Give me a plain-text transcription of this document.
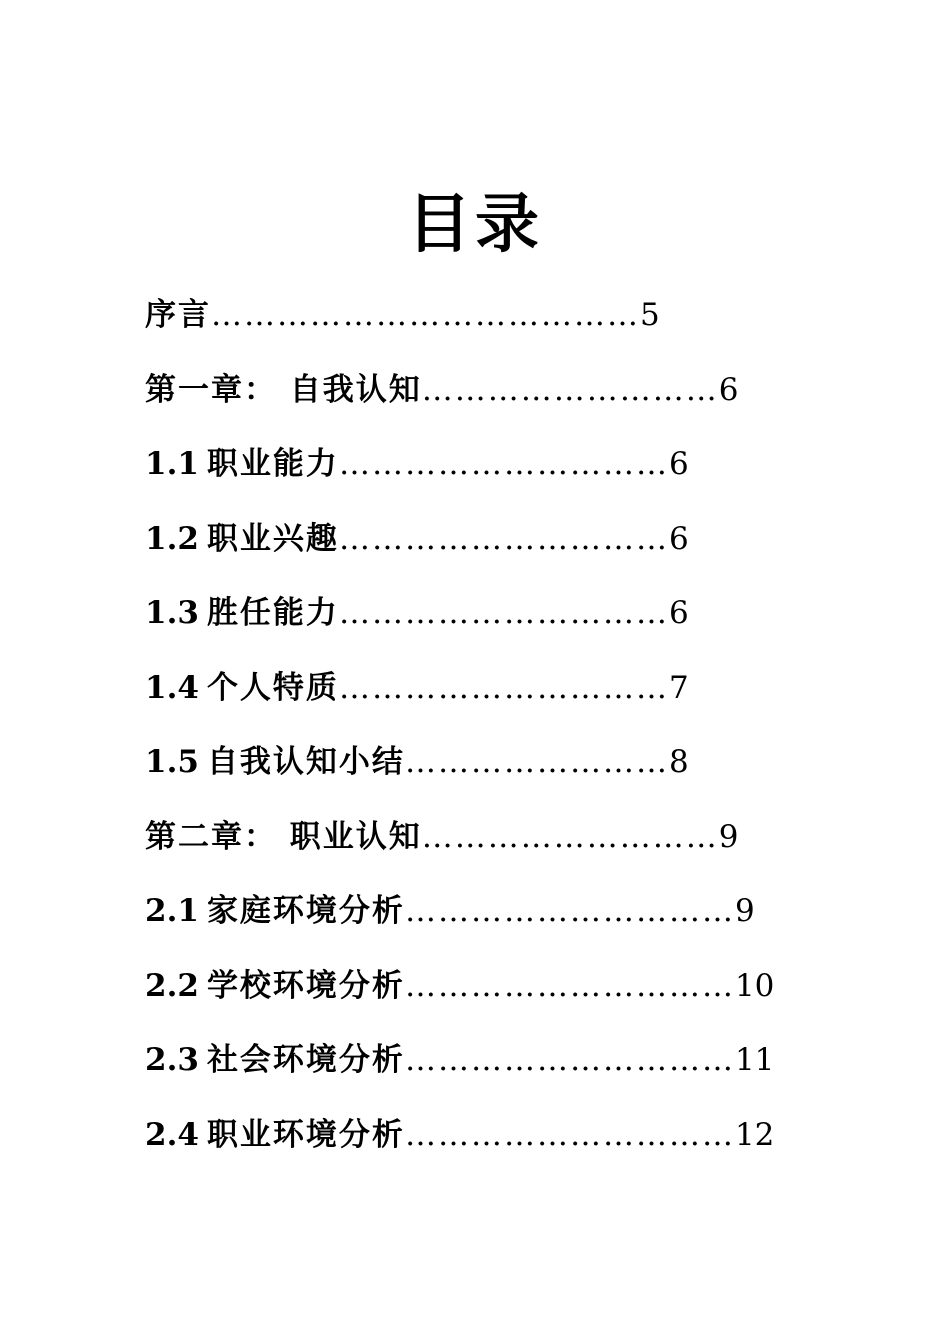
目录
序言 ………………………………… 5
第一章： 自我认知 ……………………… 6
1.1 职业能力 ………………………… 6
1.2 职业兴趣 ………………………… 6
1.3 胜任能力 ………………………… 6
1.4 个人特质 ………………………… 7
1.5 自我认知小结 …………………… 8
第二章： 职业认知 ……………………… 9
2.1 家庭环境分析 ………………………… 9
2.2 学校环境分析 ………………………… 10
2.3 社会环境分析 ………………………… 11
2.4 职业环境分析 ………………………… 12
